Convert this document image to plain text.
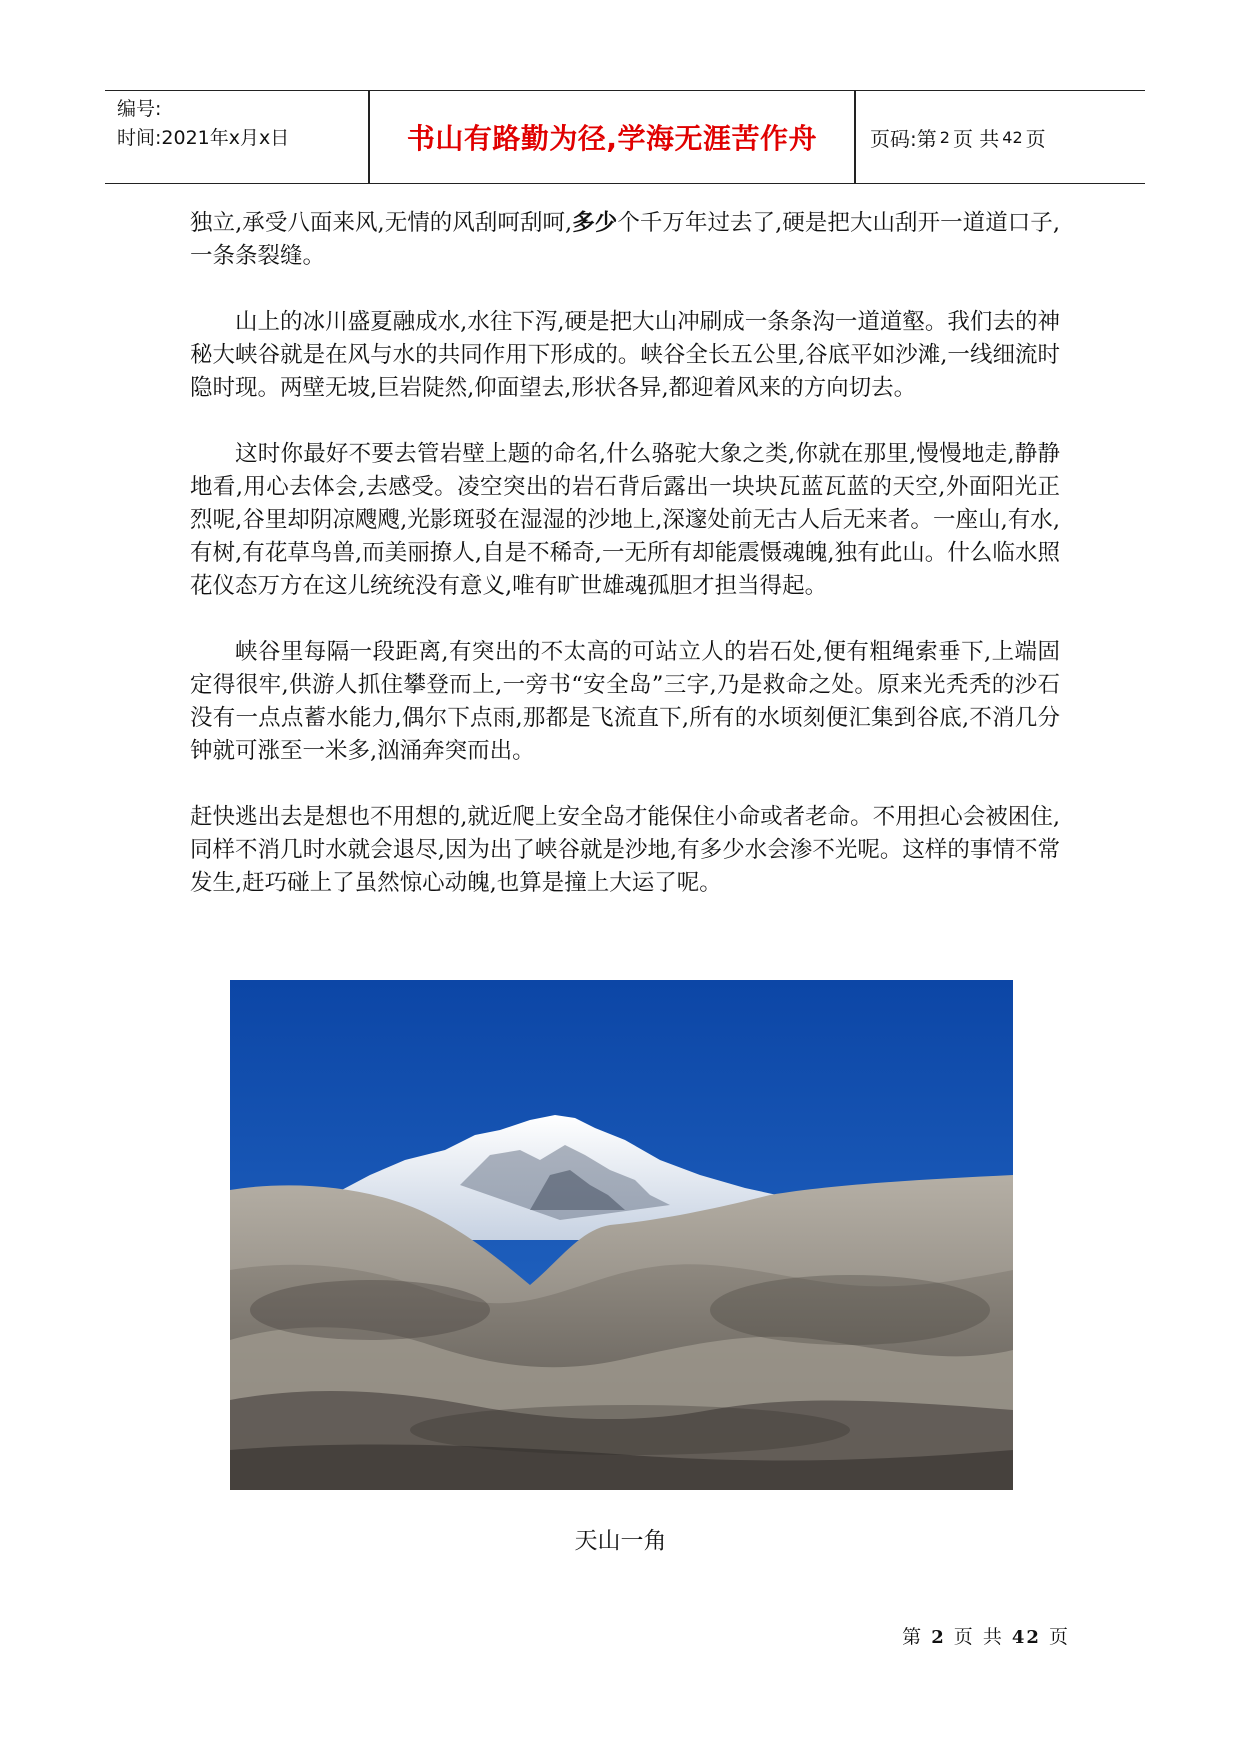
编号:
时间:2021年x月x日	书山有路勤为径,学海无涯苦作舟	页码:第 2 页 共 42 页

独立,承受八面来风,无情的风刮呵刮呵,多少个千万年过去了,硬是把大山刮开一道道口子,一条条裂缝。

山上的冰川盛夏融成水,水往下泻,硬是把大山冲刷成一条条沟一道道壑。我们去的神秘大峡谷就是在风与水的共同作用下形成的。峡谷全长五公里,谷底平如沙滩,一线细流时隐时现。两壁无坡,巨岩陡然,仰面望去,形状各异,都迎着风来的方向切去。

这时你最好不要去管岩壁上题的命名,什么骆驼大象之类,你就在那里,慢慢地走,静静地看,用心去体会,去感受。凌空突出的岩石背后露出一块块瓦蓝瓦蓝的天空,外面阳光正烈呢,谷里却阴凉飕飕,光影斑驳在湿湿的沙地上,深邃处前无古人后无来者。一座山,有水,有树,有花草鸟兽,而美丽撩人,自是不稀奇,一无所有却能震慑魂魄,独有此山。什么临水照花仪态万方在这儿统统没有意义,唯有旷世雄魂孤胆才担当得起。

峡谷里每隔一段距离,有突出的不太高的可站立人的岩石处,便有粗绳索垂下,上端固定得很牢,供游人抓住攀登而上,一旁书“安全岛”三字,乃是救命之处。原来光秃秃的沙石没有一点点蓄水能力,偶尔下点雨,那都是飞流直下,所有的水顷刻便汇集到谷底,不消几分钟就可涨至一米多,汹涌奔突而出。

赶快逃出去是想也不用想的,就近爬上安全岛才能保住小命或者老命。不用担心会被困住,同样不消几时水就会退尽,因为出了峡谷就是沙地,有多少水会渗不光呢。这样的事情不常发生,赶巧碰上了虽然惊心动魄,也算是撞上大运了呢。

天山一角
第 2 页 共 42 页
